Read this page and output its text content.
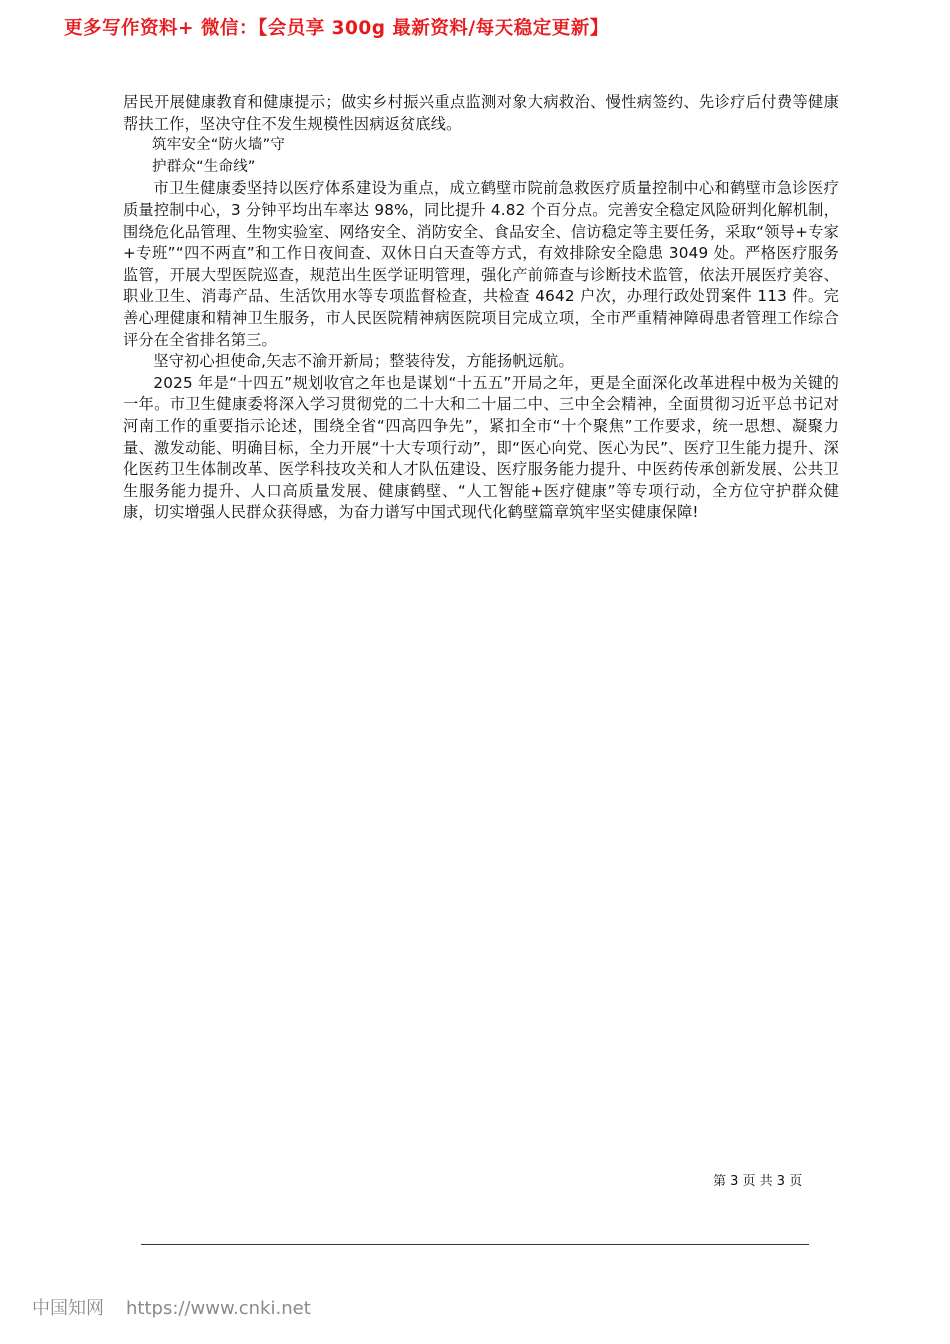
更多写作资料+ 微信：【会员享 300g 最新资料/每天稳定更新】

居民开展健康教育和健康提示；做实乡村振兴重点监测对象大病救治、慢性病签约、先诊疗后付费等健康帮扶工作，坚决守住不发生规模性因病返贫底线。

筑牢安全“防火墙”守

护群众“生命线”

市卫生健康委坚持以医疗体系建设为重点，成立鹤壁市院前急救医疗质量控制中心和鹤壁市急诊医疗质量控制中心，3 分钟平均出车率达 98%，同比提升 4.82 个百分点。完善安全稳定风险研判化解机制，围绕危化品管理、生物实验室、网络安全、消防安全、食品安全、信访稳定等主要任务，采取“领导+专家+专班”“四不两直”和工作日夜间查、双休日白天查等方式，有效排除安全隐患 3049 处。严格医疗服务监管，开展大型医院巡查，规范出生医学证明管理，强化产前筛查与诊断技术监管，依法开展医疗美容、职业卫生、消毒产品、生活饮用水等专项监督检查，共检查 4642 户次，办理行政处罚案件 113 件。完善心理健康和精神卫生服务，市人民医院精神病医院项目完成立项，全市严重精神障碍患者管理工作综合评分在全省排名第三。

坚守初心担使命,矢志不渝开新局；整装待发，方能扬帆远航。

2025 年是“十四五”规划收官之年也是谋划“十五五”开局之年，更是全面深化改革进程中极为关键的一年。市卫生健康委将深入学习贯彻党的二十大和二十届二中、三中全会精神，全面贯彻习近平总书记对河南工作的重要指示论述，围绕全省“四高四争先”，紧扣全市“十个聚焦”工作要求，统一思想、凝聚力量、激发动能、明确目标，全力开展“十大专项行动”，即“医心向党、医心为民”、医疗卫生能力提升、深化医药卫生体制改革、医学科技攻关和人才队伍建设、医疗服务能力提升、中医药传承创新发展、公共卫生服务能力提升、人口高质量发展、健康鹤壁、“人工智能+医疗健康”等专项行动，全方位守护群众健康，切实增强人民群众获得感，为奋力谱写中国式现代化鹤壁篇章筑牢坚实健康保障!

第 3 页 共 3 页
中国知网 https://www.cnki.net
